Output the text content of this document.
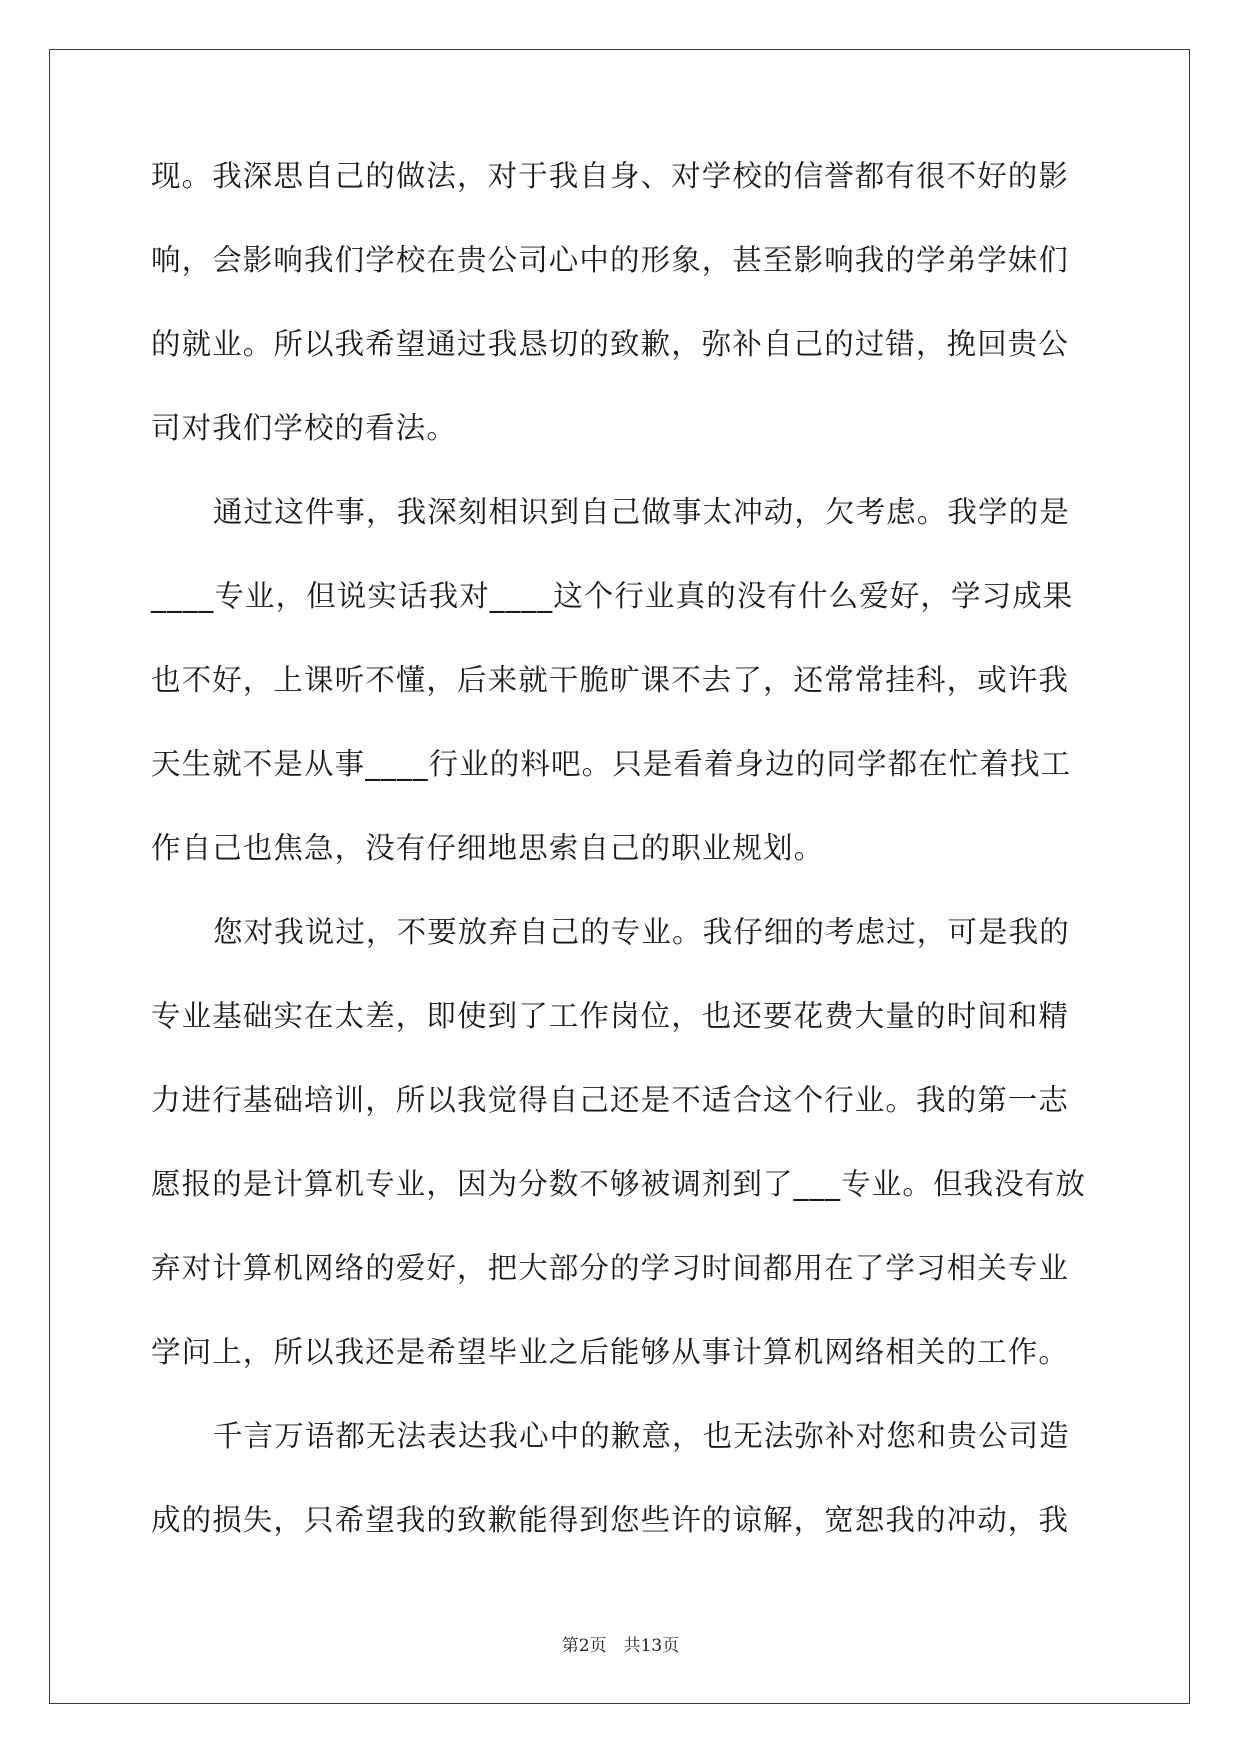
现。我深思自己的做法，对于我自身、对学校的信誉都有很不好的影
响，会影响我们学校在贵公司心中的形象，甚至影响我的学弟学妹们
的就业。所以我希望通过我恳切的致歉，弥补自己的过错，挽回贵公
司对我们学校的看法。
通过这件事，我深刻相识到自己做事太冲动，欠考虑。我学的是
____专业，但说实话我对____这个行业真的没有什么爱好，学习成果
也不好，上课听不懂，后来就干脆旷课不去了，还常常挂科，或许我
天生就不是从事____行业的料吧。只是看着身边的同学都在忙着找工
作自己也焦急，没有仔细地思索自己的职业规划。
您对我说过，不要放弃自己的专业。我仔细的考虑过，可是我的
专业基础实在太差，即使到了工作岗位，也还要花费大量的时间和精
力进行基础培训，所以我觉得自己还是不适合这个行业。我的第一志
愿报的是计算机专业，因为分数不够被调剂到了___专业。但我没有放
弃对计算机网络的爱好，把大部分的学习时间都用在了学习相关专业
学问上，所以我还是希望毕业之后能够从事计算机网络相关的工作。
千言万语都无法表达我心中的歉意，也无法弥补对您和贵公司造
成的损失，只希望我的致歉能得到您些许的谅解，宽恕我的冲动，我
第2页　共13页
